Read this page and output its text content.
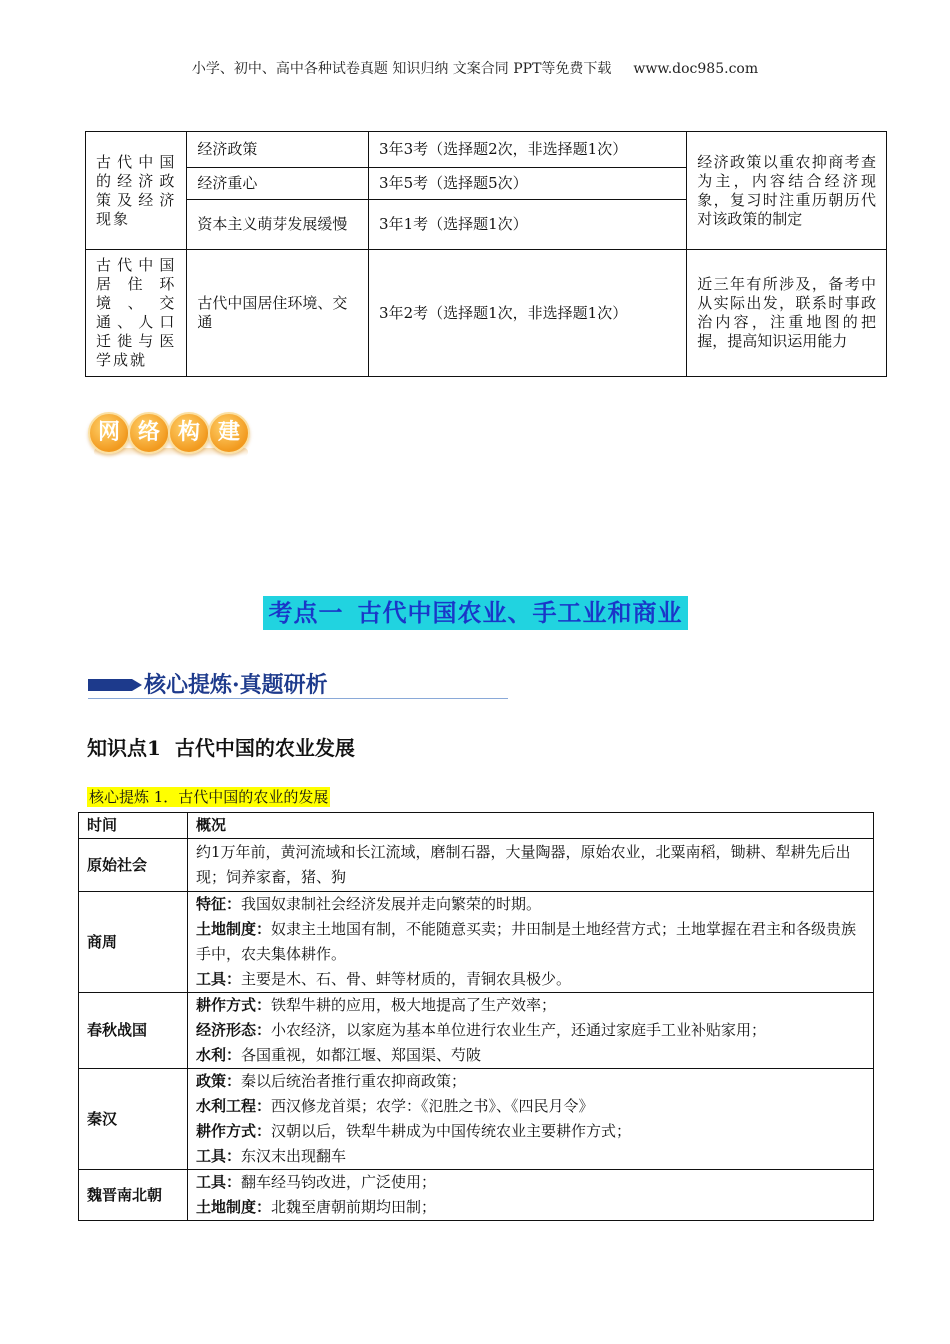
小学、初中、高中各种试卷真题 知识归纳 文案合同 PPT等免费下载 www.doc985.com
古代中国的经济政策及经济现象	经济政策	3年3考（选择题2次，非选择题1次）	经济政策以重农抑商考查为主，内容结合经济现象，复习时注重历朝历代对该政策的制定
	经济重心	3年5考（选择题5次）	
	资本主义萌芽发展缓慢	3年1考（选择题1次）	
古代中国居住环境、交通、人口迁徙与医学成就	古代中国居住环境、交通	3年2考（选择题1次，非选择题1次）	近三年有所涉及，备考中从实际出发，联系时事政治内容，注重地图的把握，提高知识运用能力
网 络 构 建
考点一 古代中国农业、手工业和商业
核心提炼·真题研析
知识点1 古代中国的农业发展
核心提炼 1．古代中国的农业的发展
时间	概况
原始社会	约1万年前，黄河流域和长江流域，磨制石器，大量陶器，原始农业，北粟南稻，锄耕、犁耕先后出现；饲养家畜，猪、狗

商周	特征：我国奴隶制社会经济发展并走向繁荣的时期。
土地制度：奴隶主土地国有制，不能随意买卖；井田制是土地经营方式；土地掌握在君主和各级贵族手中，农夫集体耕作。
工具：主要是木、石、骨、蚌等材质的，青铜农具极少。

春秋战国	耕作方式：铁犁牛耕的应用，极大地提高了生产效率；
经济形态：小农经济，以家庭为基本单位进行农业生产，还通过家庭手工业补贴家用；
水利：各国重视，如都江堰、郑国渠、芍陂

秦汉	政策：秦以后统治者推行重农抑商政策；
水利工程：西汉修龙首渠；农学：《氾胜之书》、《四民月令》
耕作方式：汉朝以后，铁犁牛耕成为中国传统农业主要耕作方式；
工具：东汉末出现翻车

魏晋南北朝	工具：翻车经马钧改进，广泛使用；
土地制度：北魏至唐朝前期均田制；
